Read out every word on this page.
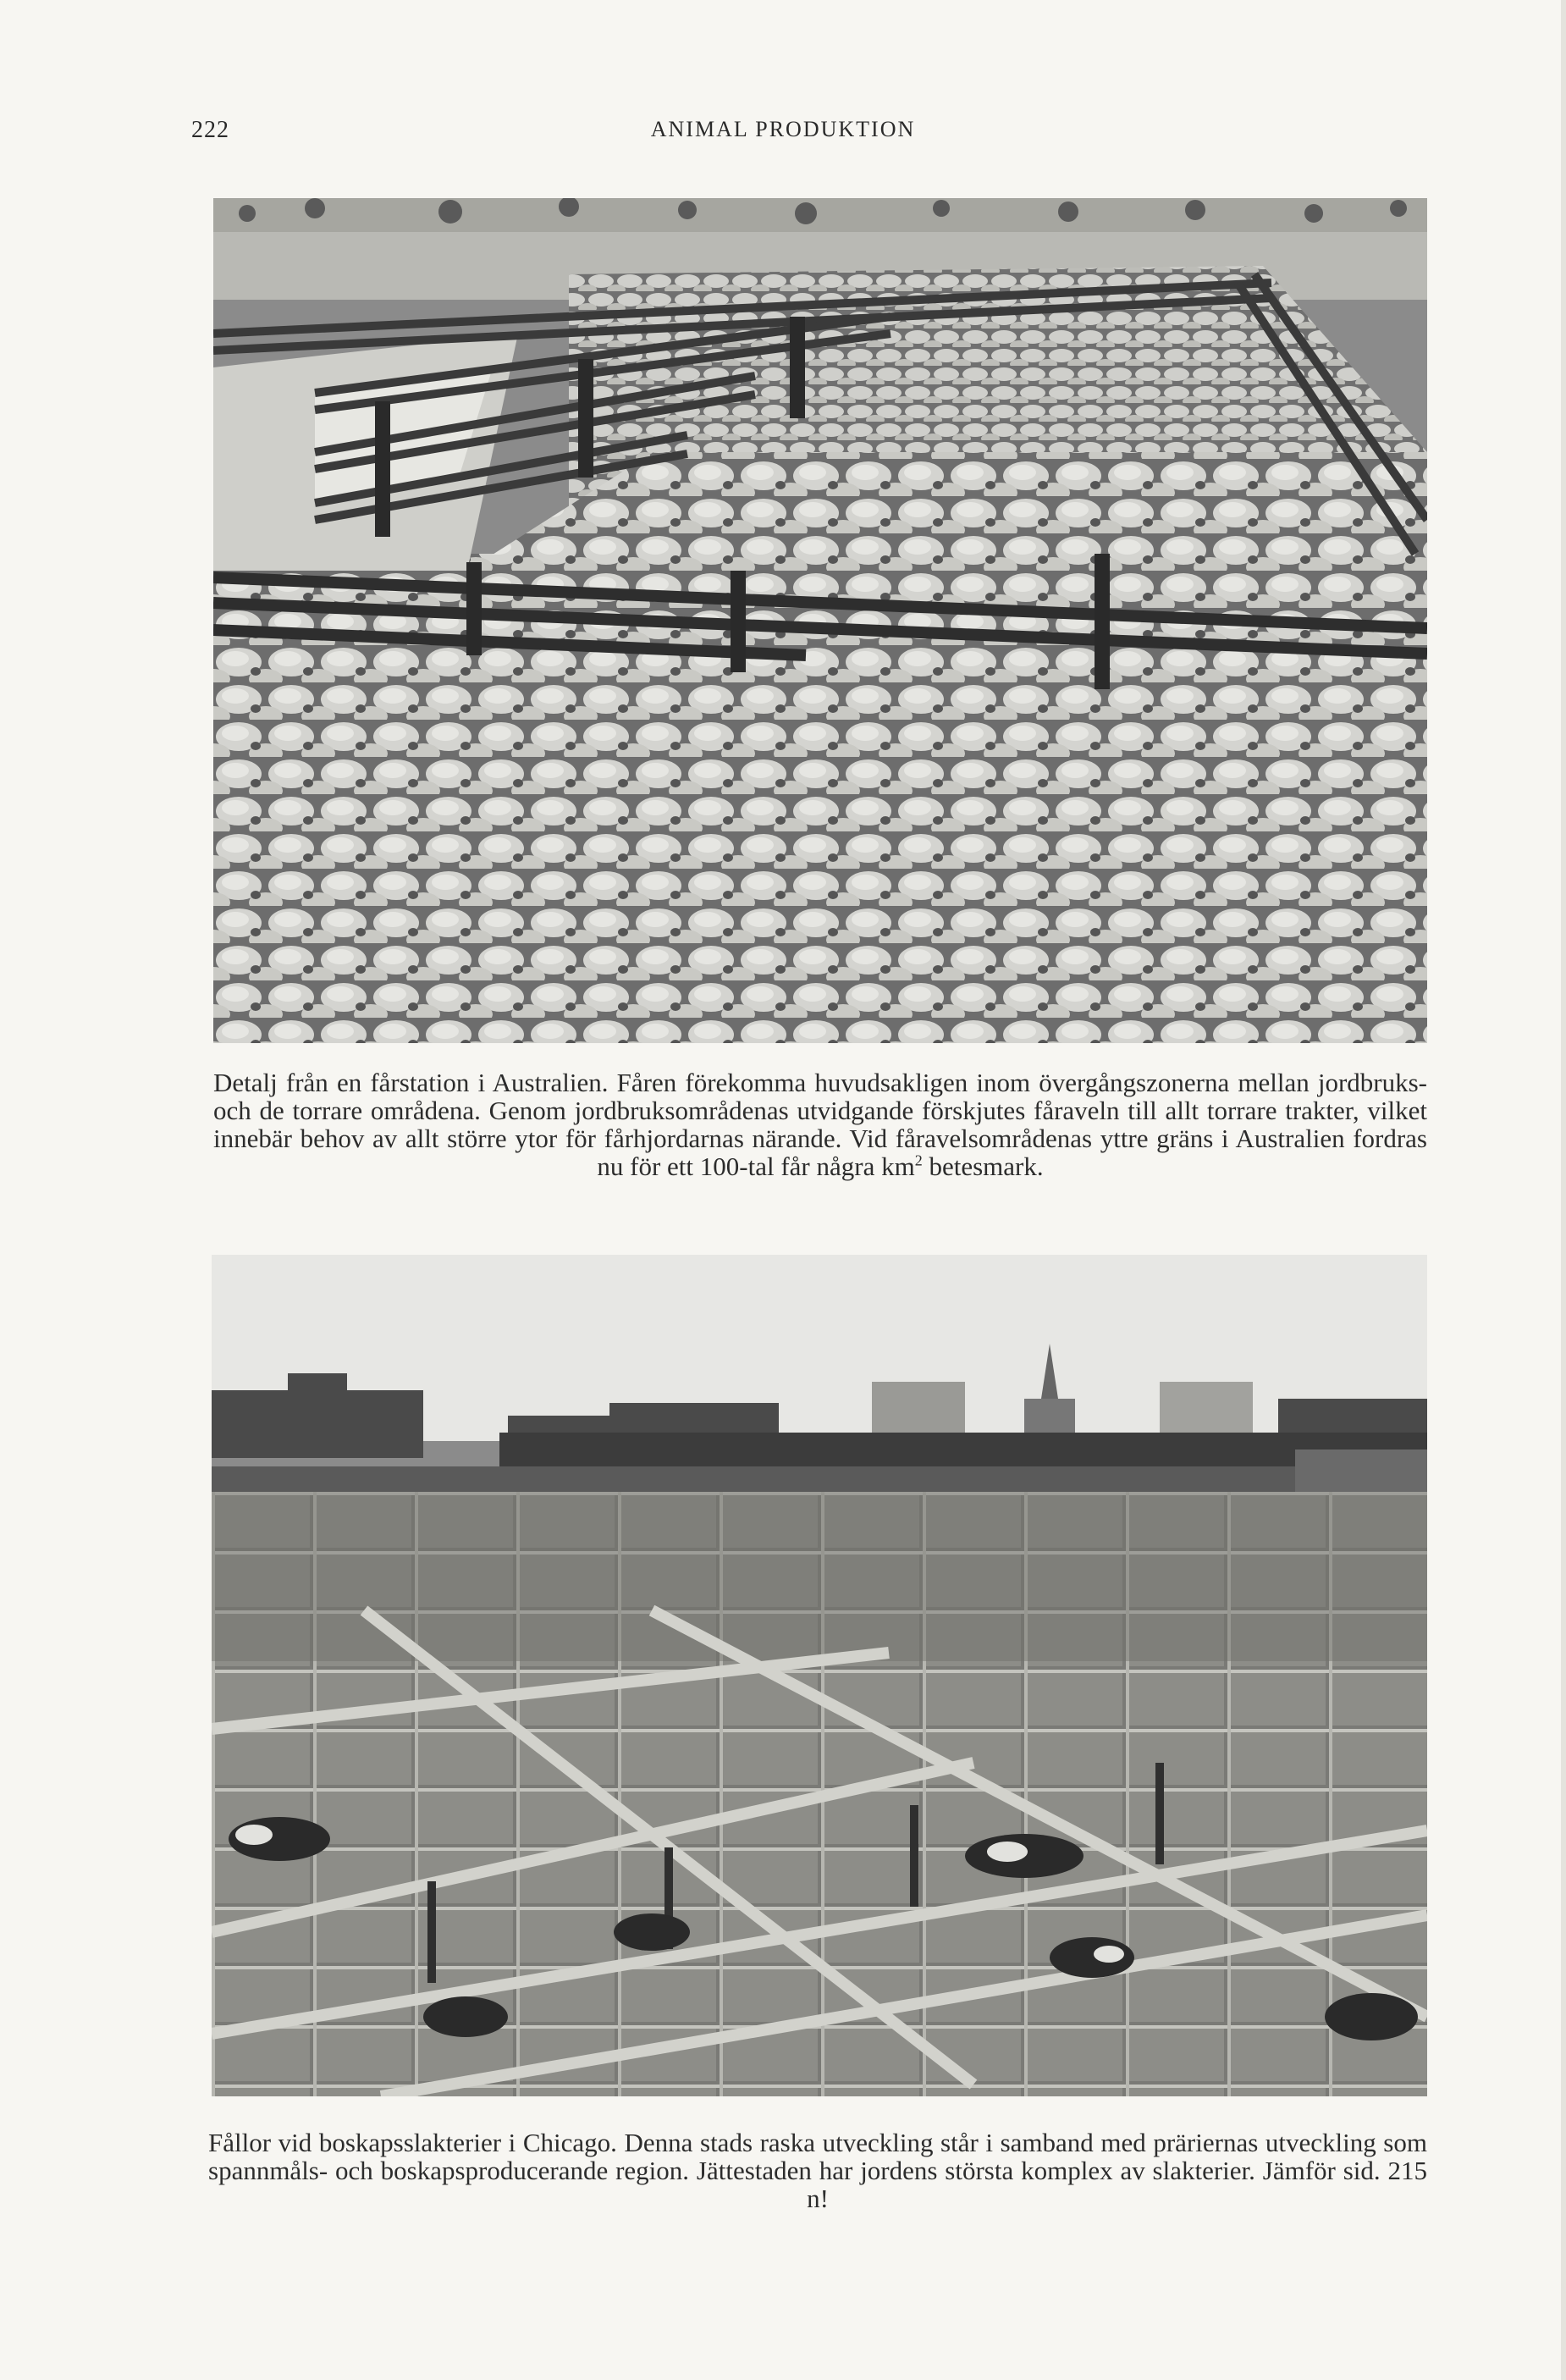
222	ANIMAL PRODUKTION
Detalj från en fårstation i Australien. Fåren förekomma huvudsakligen inom övergångszonerna mellan jordbruks- och de torrare områdena. Genom jordbruksområdenas utvidgande förskjutes fåraveln till allt torrare trakter, vilket innebär behov av allt större ytor för fårhjordarnas närande. Vid fåravelsområdenas yttre gräns i Australien fordras nu för ett 100-tal får några $km^2$ betesmark.
Fållor vid boskapsslakterier i Chicago. Denna stads raska utveckling står i samband med präriernas utveckling som spannmåls- och boskapsproducerande region. Jättestaden har jordens största komplex av slakterier. Jämför sid. 215 n!
